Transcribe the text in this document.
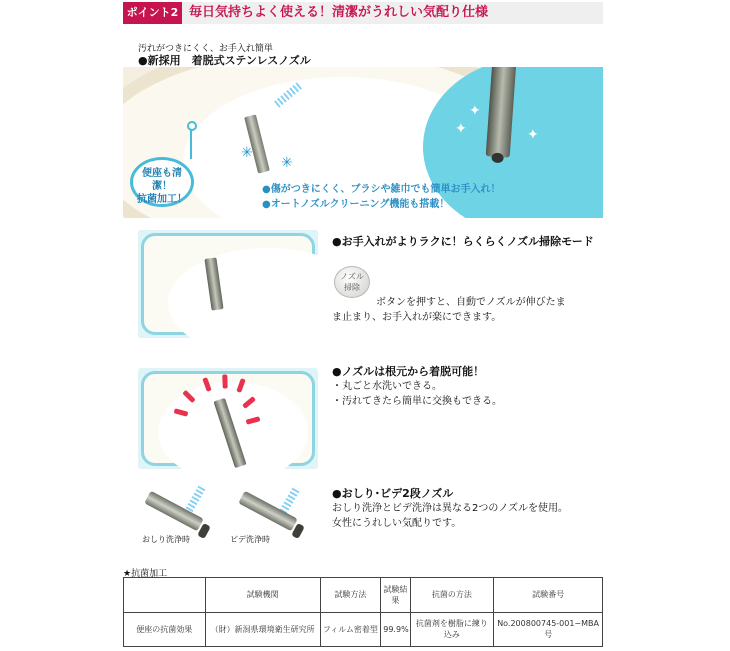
ポイント2 毎日気持ちよく使える！清潔がうれしい気配り仕様
汚れがつきにくく、お手入れ簡単
●新採用　着脱式ステンレスノズル
✳
✳
✦
✦
✦
便座も清潔！
抗菌加工！
●傷がつきにくく、ブラシや雑巾でも簡単お手入れ！
●オートノズルクリーニング機能も搭載！
●お手入れがよりラクに！らくらくノズル掃除モード
ノズル
掃除
ボタンを押すと、自動でノズルが伸びたま
ま止まり、お手入れが楽にできます。
●ノズルは根元から着脱可能！
・丸ごと水洗いできる。
・汚れてきたら簡単に交換もできる。
おしり洗浄時	ビデ洗浄時
●おしり･ビデ2段ノズル
おしり洗浄とビデ洗浄は異なる2つのノズルを使用。
女性にうれしい気配りです。
★抗菌加工
	試験機関	試験方法	試験結果	抗菌の方法	試験番号
便座の抗菌効果	（財）新潟県環境衛生研究所	フィルム密着型	99.9%	抗菌剤を樹脂に練り込み	No.200800745-001−MBA号
